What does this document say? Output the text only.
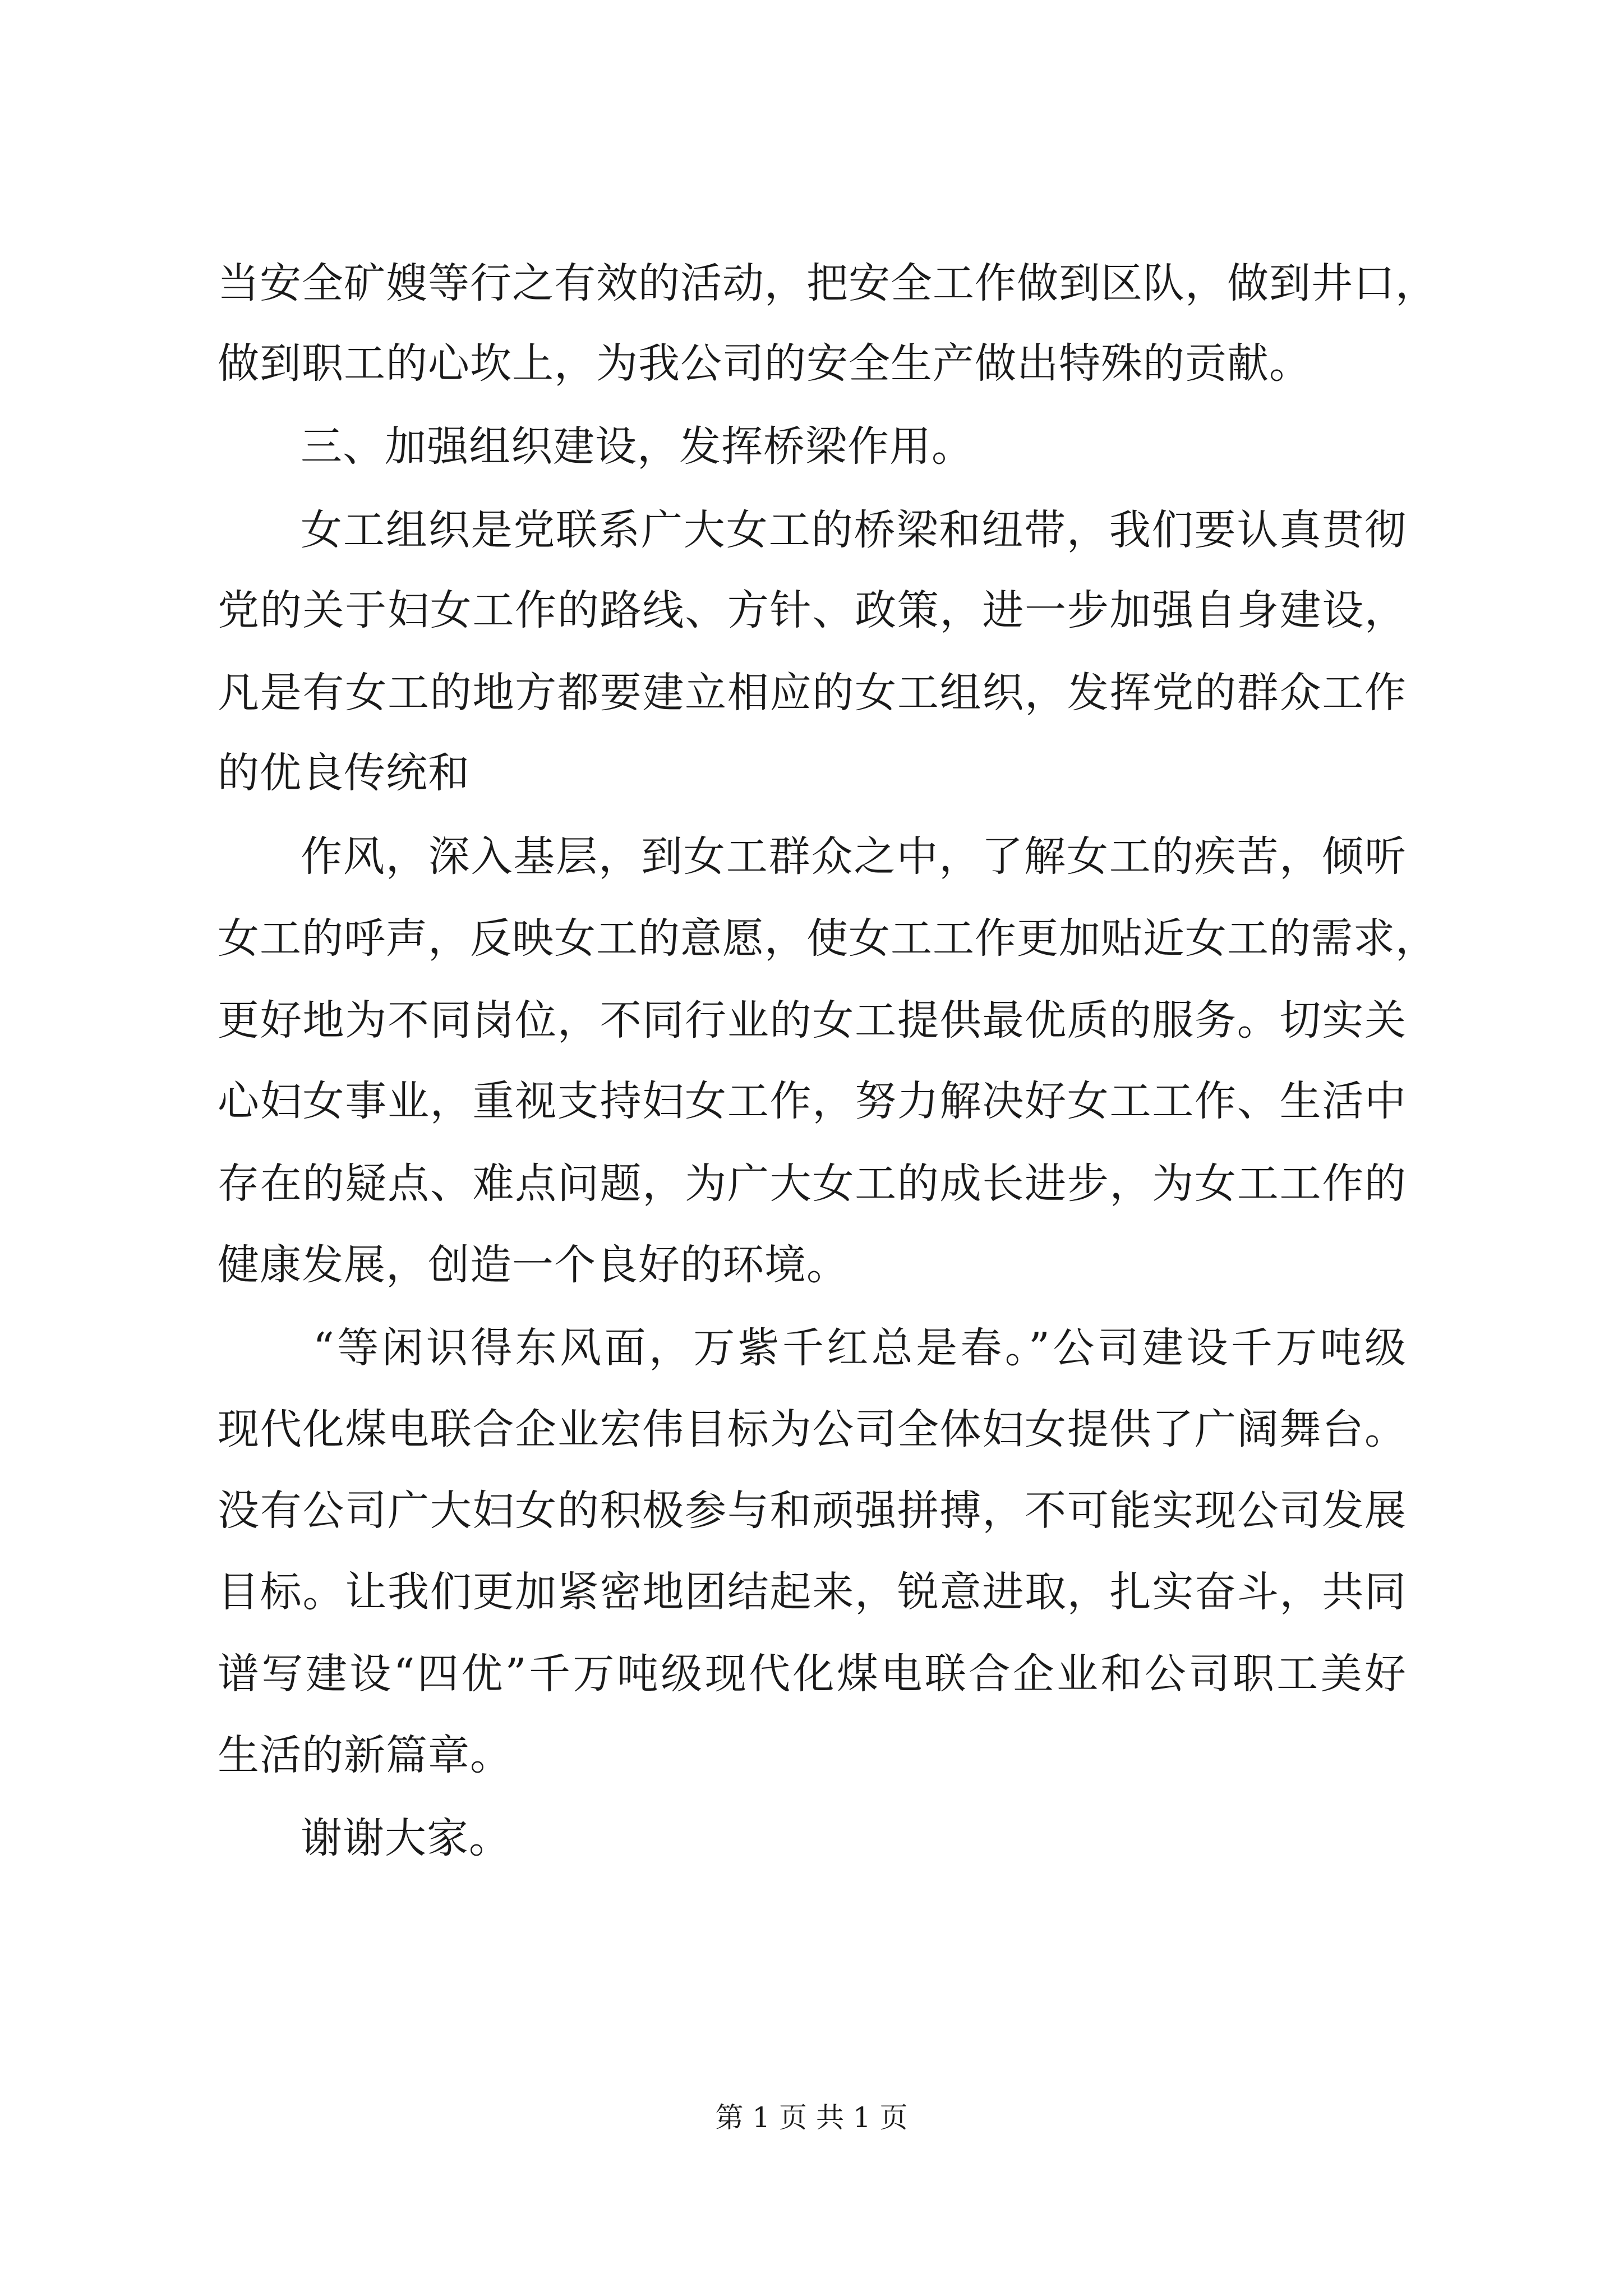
当安全矿嫂等行之有效的活动，把安全工作做到区队，做到井口，
做到职工的心坎上，为我公司的安全生产做出特殊的贡献。
三、加强组织建设，发挥桥梁作用。
女工组织是党联系广大女工的桥梁和纽带，我们要认真贯彻
党的关于妇女工作的路线、方针、政策，进一步加强自身建设，
凡是有女工的地方都要建立相应的女工组织，发挥党的群众工作
的优良传统和
作风，深入基层，到女工群众之中，了解女工的疾苦，倾听
女工的呼声，反映女工的意愿，使女工工作更加贴近女工的需求，
更好地为不同岗位，不同行业的女工提供最优质的服务。切实关
心妇女事业，重视支持妇女工作，努力解决好女工工作、生活中
存在的疑点、难点问题，为广大女工的成长进步，为女工工作的
健康发展，创造一个良好的环境。
“等闲识得东风面，万紫千红总是春。”公司建设千万吨级
现代化煤电联合企业宏伟目标为公司全体妇女提供了广阔舞台。
没有公司广大妇女的积极参与和顽强拼搏，不可能实现公司发展
目标。让我们更加紧密地团结起来，锐意进取，扎实奋斗，共同
谱写建设“四优”千万吨级现代化煤电联合企业和公司职工美好
生活的新篇章。
谢谢大家。
第 1 页 共 1 页
